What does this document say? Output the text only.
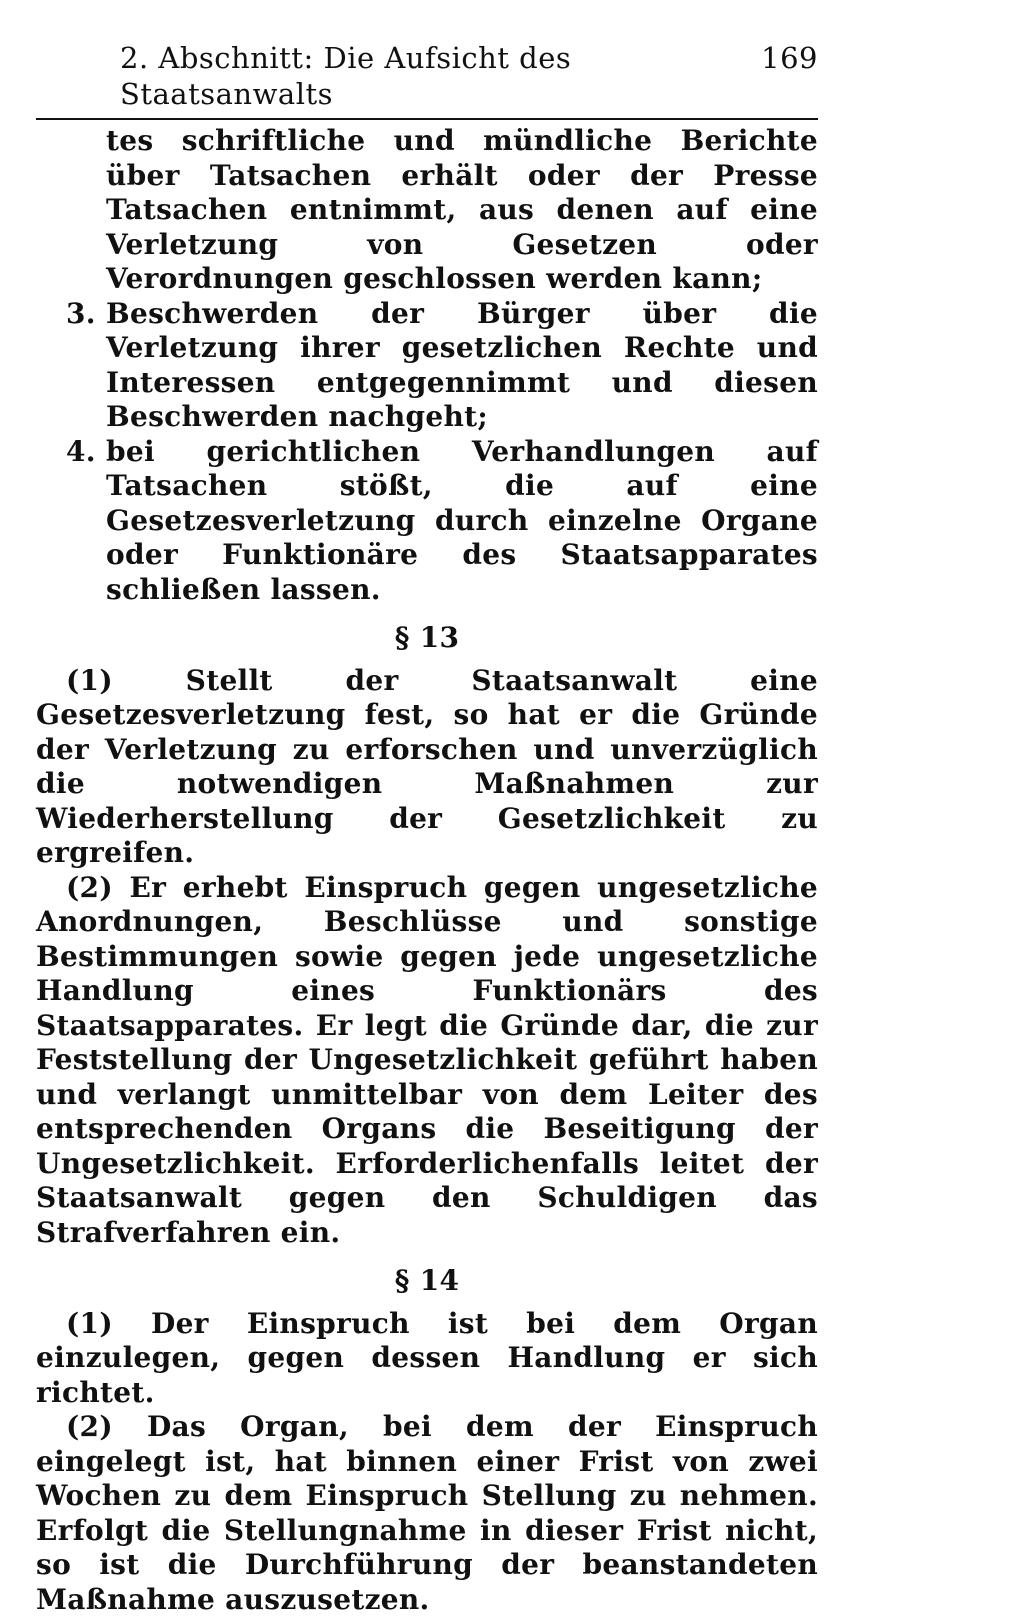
2. Abschnitt: Die Aufsicht des Staatsanwalts
169
tes schriftliche und mündliche Berichte über Tatsachen erhält oder der Presse Tatsachen entnimmt, aus denen auf eine Verletzung von Gesetzen oder Verordnungen geschlossen werden kann;
3. Beschwerden der Bürger über die Verletzung ihrer gesetzlichen Rechte und Interessen entgegennimmt und diesen Beschwerden nachgeht;
4. bei gerichtlichen Verhandlungen auf Tatsachen stößt, die auf eine Gesetzesverletzung durch einzelne Organe oder Funktionäre des Staatsapparates schließen lassen.
§ 13

(1) Stellt der Staatsanwalt eine Gesetzesverletzung fest, so hat er die Gründe der Verletzung zu erforschen und unverzüglich die notwendigen Maßnahmen zur Wiederherstellung der Gesetzlichkeit zu ergreifen.

(2) Er erhebt Einspruch gegen ungesetzliche Anordnungen, Beschlüsse und sonstige Bestimmungen sowie gegen jede ungesetzliche Handlung eines Funktionärs des Staatsapparates. Er legt die Gründe dar, die zur Feststellung der Ungesetzlichkeit geführt haben und verlangt unmittelbar von dem Leiter des entsprechenden Organs die Beseitigung der Ungesetzlichkeit. Erforderlichenfalls leitet der Staatsanwalt gegen den Schuldigen das Strafverfahren ein.

§ 14

(1) Der Einspruch ist bei dem Organ einzulegen, gegen dessen Handlung er sich richtet.

(2) Das Organ, bei dem der Einspruch eingelegt ist, hat binnen einer Frist von zwei Wochen zu dem Einspruch Stellung zu nehmen. Erfolgt die Stellungnahme in dieser Frist nicht, so ist die Durchführung der beanstandeten Maßnahme auszusetzen.
